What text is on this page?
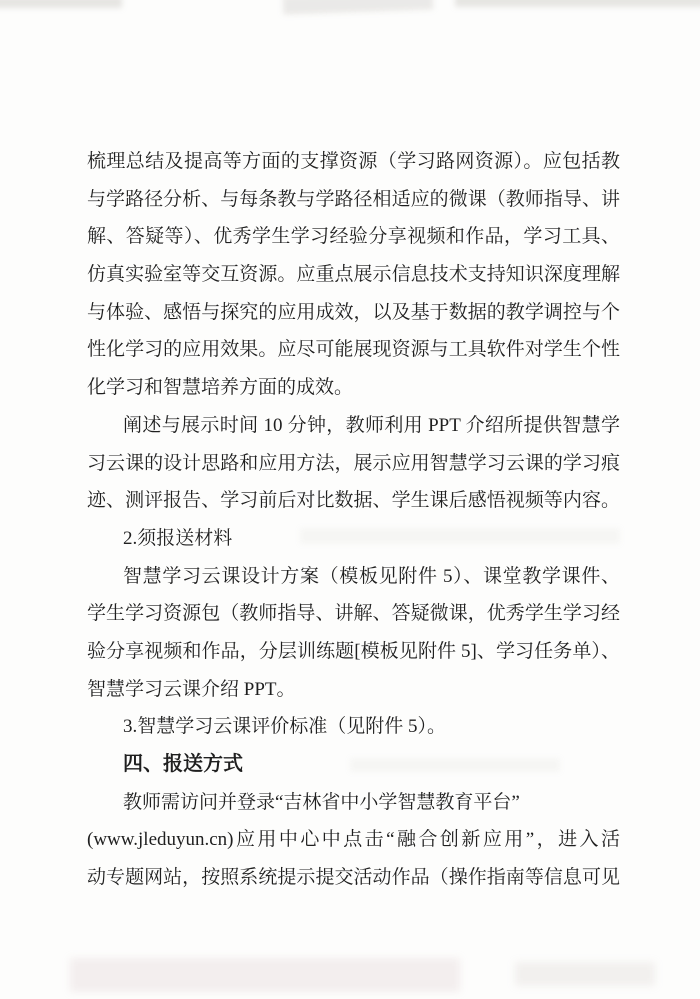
梳理总结及提高等方面的支撑资源（学习路网资源）。应包括教
与学路径分析、与每条教与学路径相适应的微课（教师指导、讲
解、答疑等）、优秀学生学习经验分享视频和作品，学习工具、
仿真实验室等交互资源。应重点展示信息技术支持知识深度理解
与体验、感悟与探究的应用成效，以及基于数据的教学调控与个
性化学习的应用效果。应尽可能展现资源与工具软件对学生个性
化学习和智慧培养方面的成效。
阐述与展示时间 10 分钟，教师利用 PPT 介绍所提供智慧学
习云课的设计思路和应用方法，展示应用智慧学习云课的学习痕
迹、测评报告、学习前后对比数据、学生课后感悟视频等内容。
2.须报送材料
智慧学习云课设计方案（模板见附件 5）、课堂教学课件、
学生学习资源包（教师指导、讲解、答疑微课，优秀学生学习经
验分享视频和作品，分层训练题[模板见附件 5]、学习任务单）、
智慧学习云课介绍 PPT。
3.智慧学习云课评价标准（见附件 5）。
四、报送方式
教师需访问并登录“吉林省中小学智慧教育平台”
(www.jleduyun.cn)应用中心中点击“融合创新应用”，进入活
动专题网站，按照系统提示提交活动作品（操作指南等信息可见
